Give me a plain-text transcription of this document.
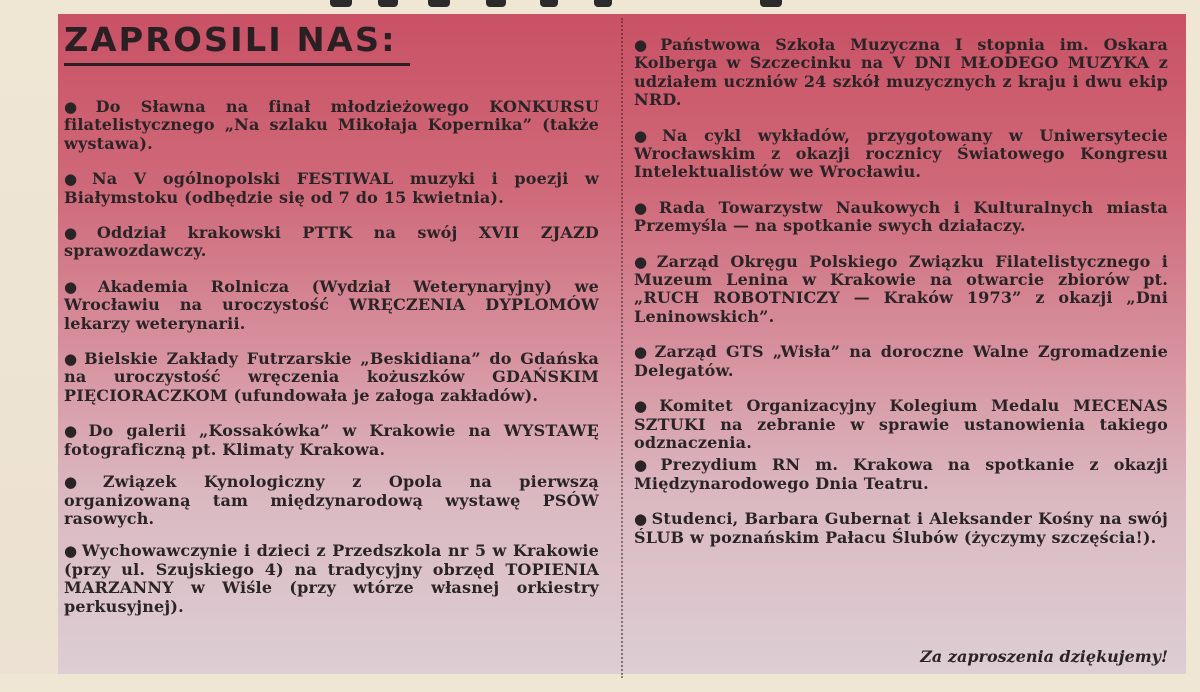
ZAPROSILI NAS:

● Do Sławna na finał młodzieżowego KONKURSU filatelistycznego „Na szlaku Mikołaja Kopernika” (także wystawa).

● Na V ogólnopolski FESTIWAL muzyki i poezji w Białymstoku (odbędzie się od 7 do 15 kwietnia).

● Oddział krakowski PTTK na swój XVII ZJAZD sprawozdawczy.

● Akademia Rolnicza (Wydział Weterynaryjny) we Wrocławiu na uroczystość WRĘCZENIA DYPLOMÓW lekarzy weterynarii.

● Bielskie Zakłady Futrzarskie „Beskidiana” do Gdańska na uroczystość wręczenia kożuszków GDAŃSKIM PIĘCIORACZKOM (ufundowała je załoga zakładów).

● Do galerii „Kossakówka” w Krakowie na WYSTAWĘ fotograficzną pt. Klimaty Krakowa.

● Związek Kynologiczny z Opola na pierwszą organizowaną tam międzynarodową wystawę PSÓW rasowych.

● Wychowawczynie i dzieci z Przedszkola nr 5 w Krakowie (przy ul. Szujskiego 4) na tradycyjny obrzęd TOPIENIA MARZANNY w Wiśle (przy wtórze własnej orkiestry perkusyjnej).

● Państwowa Szkoła Muzyczna I stopnia im. Oskara Kolberga w Szczecinku na V DNI MŁODEGO MUZYKA z udziałem uczniów 24 szkół muzycznych z kraju i dwu ekip NRD.

● Na cykl wykładów, przygotowany w Uniwersytecie Wrocławskim z okazji rocznicy Światowego Kongresu Intelektualistów we Wrocławiu.

● Rada Towarzystw Naukowych i Kulturalnych miasta Przemyśla — na spotkanie swych działaczy.

● Zarząd Okręgu Polskiego Związku Filatelistycznego i Muzeum Lenina w Krakowie na otwarcie zbiorów pt. „RUCH ROBOTNICZY — Kraków 1973” z okazji „Dni Leninowskich”.

● Zarząd GTS „Wisła” na doroczne Walne Zgromadzenie Delegatów.

● Komitet Organizacyjny Kolegium Medalu MECENAS SZTUKI na zebranie w sprawie ustanowienia takiego odznaczenia.

● Prezydium RN m. Krakowa na spotkanie z okazji Międzynarodowego Dnia Teatru.

● Studenci, Barbara Gubernat i Aleksander Kośny na swój ŚLUB w poznańskim Pałacu Ślubów (życzymy szczęścia!).

Za zaproszenia dziękujemy!
